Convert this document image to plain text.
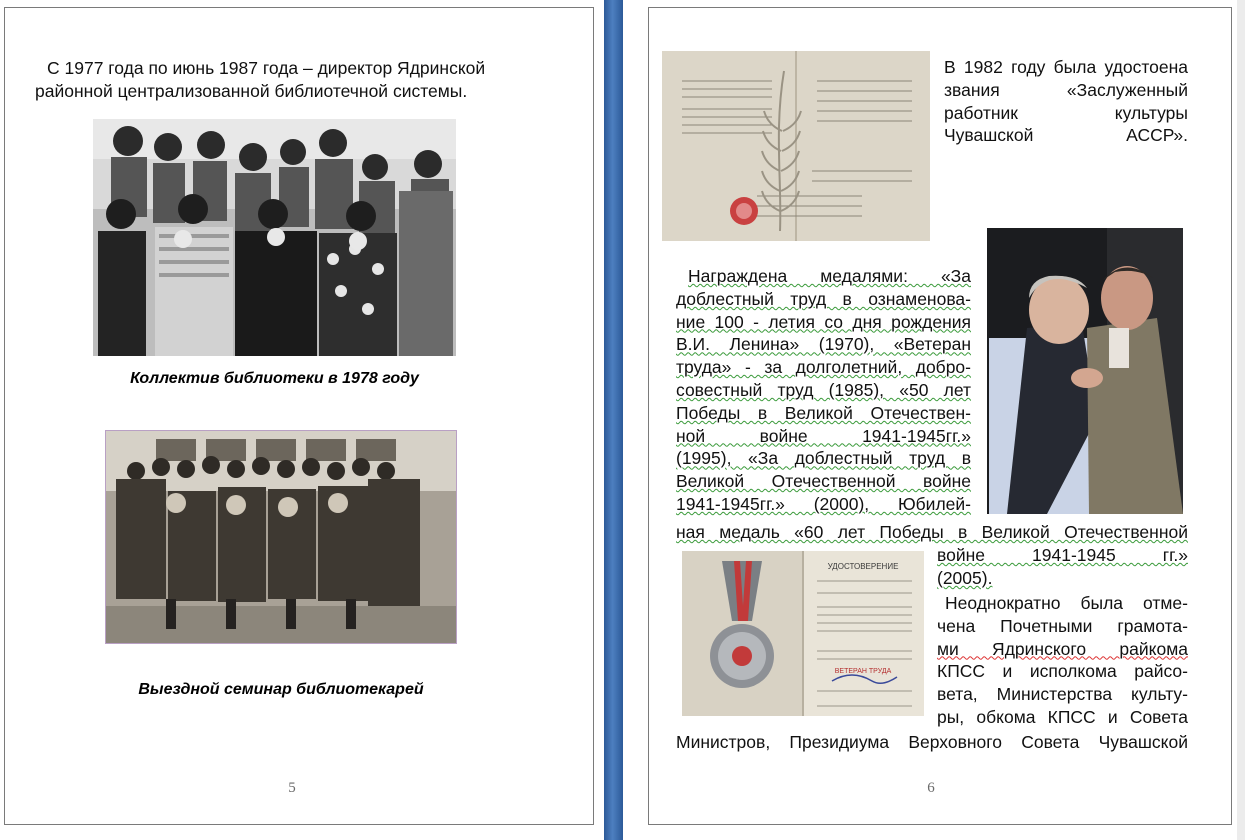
С 1977 года по июнь 1987 года – директор Ядринской районной централизованной библиотечной системы.

Коллектив библиотеки в 1978 году
Выездной семинар библиотекарей
5

В 1982 году была удостоена звания «Заслуженный работник культуры Чувашской АССР».

Награждена медалями: «За
доблестный труд в ознаменова-
ние 100 - летия со дня рождения
В.И. Ленина» (1970), «Ветеран
труда» - за долголетний, добро-
совестный труд (1985), «50 лет
Победы в Великой Отечествен-
ной войне 1941-1945гг.»
(1995), «За доблестный труд в
Великой Отечественной войне
1941-1945гг.» (2000), Юбилей-
ная медаль «60 лет Победы в Великой Отечественной
войне 1941-1945 гг.»
(2005).
УДОСТОВЕРЕНИЕ
ВЕТЕРАН ТРУДА
Неоднократно была отме-
чена Почетными грамота-
ми Ядринского райкома
КПСС и исполкома райсо-
вета, Министерства культу-
ры, обкома КПСС и Совета
Министров, Президиума Верховного Совета Чувашской
6
